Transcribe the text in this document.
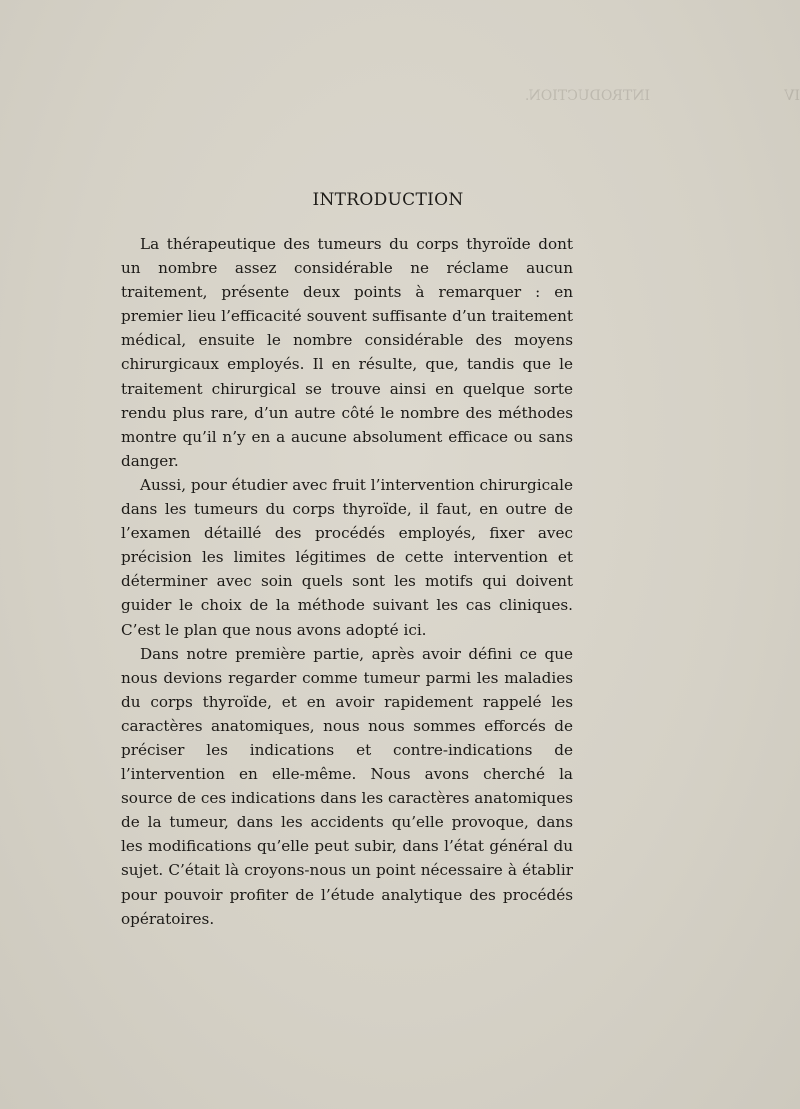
INTRODUCTION.	IV
INTRODUCTION

La thérapeutique des tumeurs du corps thyroïde dont un nombre assez considérable ne réclame aucun traitement, présente deux points à remarquer : en premier lieu l’efficacité souvent suffisante d’un traitement médical, ensuite le nombre considérable des moyens chirurgicaux employés. Il en résulte, que, tandis que le traitement chirurgical se trouve ainsi en quelque sorte rendu plus rare, d’un autre côté le nombre des méthodes montre qu’il n’y en a aucune absolument efficace ou sans danger.

Aussi, pour étudier avec fruit l’intervention chirurgicale dans les tumeurs du corps thyroïde, il faut, en outre de l’examen détaillé des procédés employés, fixer avec précision les limites légitimes de cette intervention et déterminer avec soin quels sont les motifs qui doivent guider le choix de la méthode suivant les cas cliniques. C’est le plan que nous avons adopté ici.

Dans notre première partie, après avoir défini ce que nous devions regarder comme tumeur parmi les maladies du corps thyroïde, et en avoir rapidement rappelé les caractères anatomiques, nous nous sommes efforcés de préciser les indications et contre-indications de l’intervention en elle-même. Nous avons cherché la source de ces indications dans les caractères anatomiques de la tumeur, dans les accidents qu’elle provoque, dans les modifications qu’elle peut subir, dans l’état général du sujet. C’était là croyons-nous un point nécessaire à établir pour pouvoir profiter de l’étude analytique des procédés opératoires.
